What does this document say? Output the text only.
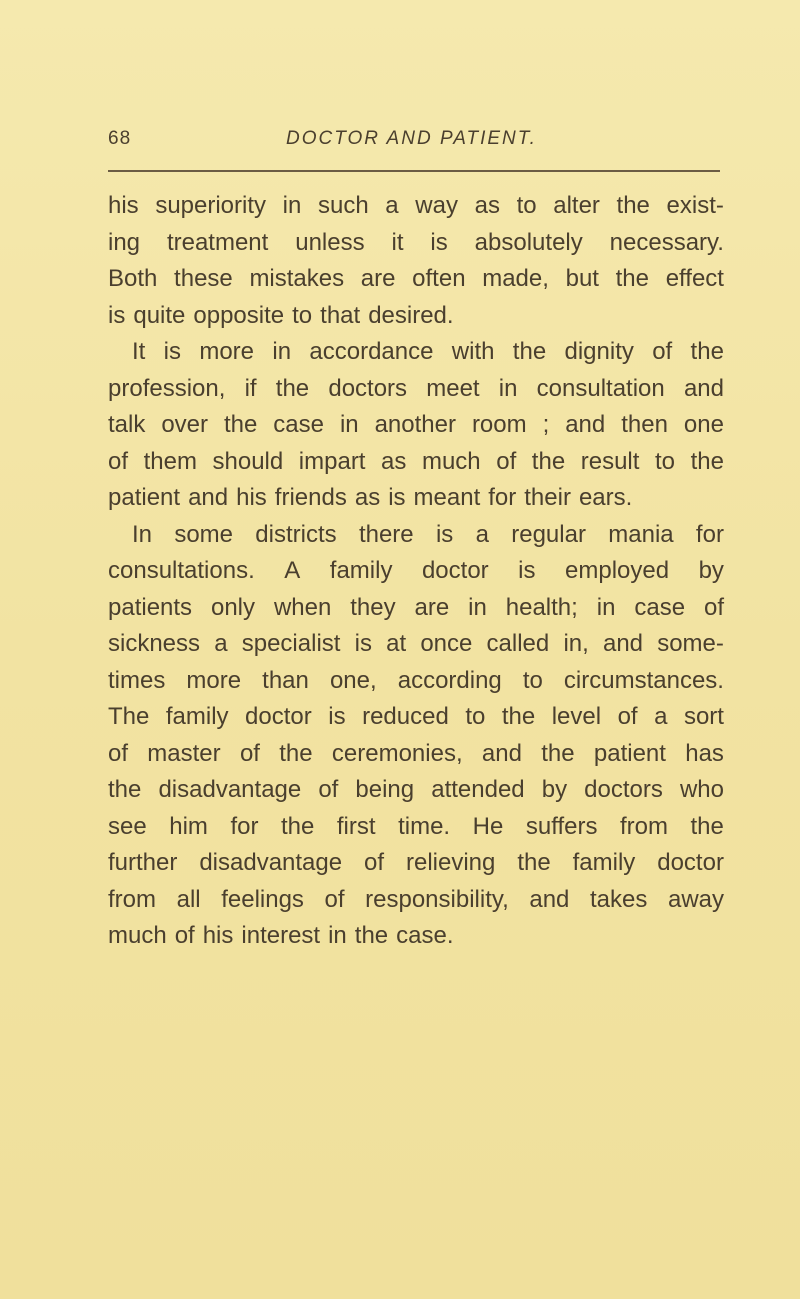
68	DOCTOR AND PATIENT.
his superiority in such a way as to alter the exist-
ing treatment unless it is absolutely necessary.
Both these mistakes are often made, but the effect
is quite opposite to that desired.
It is more in accordance with the dignity of the
profession, if the doctors meet in consultation and
talk over the case in another room ; and then one
of them should impart as much of the result to the
patient and his friends as is meant for their ears.
In some districts there is a regular mania for
consultations. A family doctor is employed by
patients only when they are in health; in case of
sickness a specialist is at once called in, and some-
times more than one, according to circumstances.
The family doctor is reduced to the level of a sort
of master of the ceremonies, and the patient has
the disadvantage of being attended by doctors who
see him for the first time. He suffers from the
further disadvantage of relieving the family doctor
from all feelings of responsibility, and takes away
much of his interest in the case.
